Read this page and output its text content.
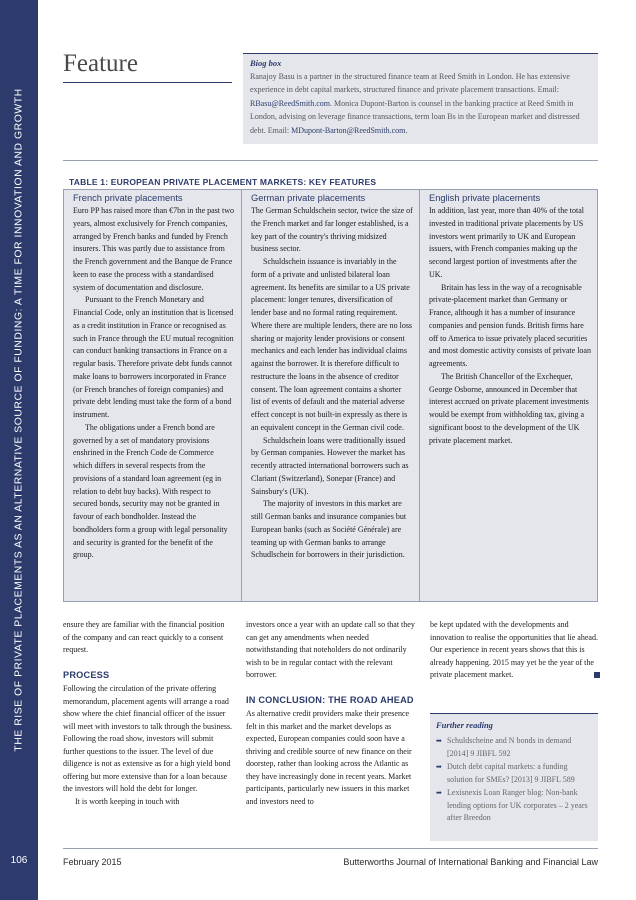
THE RISE OF PRIVATE PLACEMENTS AS AN ALTERNATIVE SOURCE OF FUNDING: A TIME FOR INNOVATION AND GROWTH
106
Feature	Biog box
Ranajoy Basu is a partner in the structured finance team at Reed Smith in London. He has extensive experience in debt capital markets, structured finance and private placement transactions. Email: RBasu@ReedSmith.com. Monica Dupont-Barton is counsel in the banking practice at Reed Smith in London, advising on leverage finance transactions, term loan Bs in the European market and distressed debt. Email: MDupont-Barton@ReedSmith.com.
TABLE 1: EUROPEAN PRIVATE PLACEMENT MARKETS: KEY FEATURES
French private placements

Euro PP has raised more than €7bn in the past two years, almost exclusively for French companies, arranged by French banks and funded by French insurers. This was partly due to assistance from the French government and the Banque de France keen to ease the process with a standardised system of documentation and disclosure.

Pursuant to the French Monetary and Financial Code, only an institution that is licensed as a credit institution in France or recognised as such in France through the EU mutual recognition can conduct banking transactions in France on a regular basis. Therefore private debt funds cannot make loans to borrowers incorporated in France (or French branches of foreign companies) and private debt lending must take the form of a bond instrument.

The obligations under a French bond are governed by a set of mandatory provisions enshrined in the French Code de Commerce which differs in several respects from the provisions of a standard loan agreement (eg in relation to debt buy backs). With respect to secured bonds, security may not be granted in favour of each bondholder. Instead the bondholders form a group with legal personality and security is granted for the benefit of the group.

German private placements

The German Schuldschein sector, twice the size of the French market and far longer established, is a key part of the country's thriving midsized business sector.

Schuldschein issuance is invariably in the form of a private and unlisted bilateral loan agreement. Its benefits are similar to a US private placement: longer tenures, diversification of lender base and no formal rating requirement. Where there are multiple lenders, there are no loss sharing or majority lender provisions or consent mechanics and each lender has individual claims against the borrower. It is therefore difficult to restructure the loans in the absence of creditor consent. The loan agreement contains a shorter list of events of default and the material adverse effect concept is not built-in expressly as there is an equivalent concept in the German civil code.

Schuldschein loans were traditionally issued by German companies. However the market has recently attracted international borrowers such as Clariant (Switzerland), Sonepar (France) and Sainsbury's (UK).

The majority of investors in this market are still German banks and insurance companies but European banks (such as Société Générale) are teaming up with German banks to arrange Schudlschein for borrowers in their jurisdiction.

English private placements

In addition, last year, more than 40% of the total invested in traditional private placements by US investors went primarily to UK and European issuers, with French companies making up the second largest portion of investments after the UK.

Britain has less in the way of a recognisable private-placement market than Germany or France, although it has a number of insurance companies and pension funds. British firms hare off to America to issue privately placed securities and most domestic activity consists of private loan agreements.

The British Chancellor of the Exchequer, George Osborne, announced in December that interest accrued on private placement investments would be exempt from withholding tax, giving a significant boost to the development of the UK private placement market.

ensure they are familiar with the financial position of the company and can react quickly to a consent request.

PROCESS

Following the circulation of the private offering memorandum, placement agents will arrange a road show where the chief financial officer of the issuer will meet with investors to talk through the business. Following the road show, investors will submit further questions to the issuer. The level of due diligence is not as extensive as for a high yield bond offering but more extensive than for a loan because the investors will hold the debt for longer.

It is worth keeping in touch with

investors once a year with an update call so that they can get any amendments when needed notwithstanding that noteholders do not ordinarily wish to be in regular contact with the relevant borrower.

IN CONCLUSION: THE ROAD AHEAD

As alternative credit providers make their presence felt in this market and the market develops as expected, European companies could soon have a thriving and credible source of new finance on their doorstep, rather than looking across the Atlantic as they have increasingly done in recent years. Market participants, particularly new issuers in this market and investors need to

be kept updated with the developments and innovation to realise the opportunities that lie ahead. Our experience in recent years shows that this is already happening. 2015 may yet be the year of the private placement market.

Further reading
➡ Schuldscheine and N bonds in demand [2014] 9 JIBFL 592
➡ Dutch debt capital markets: a funding solution for SMEs? [2013] 9 JIBFL 589
➡ Lexisnexis Loan Ranger blog: Non-bank lending options for UK corporates – 2 years after Breedon
February 2015	Butterworths Journal of International Banking and Financial Law
